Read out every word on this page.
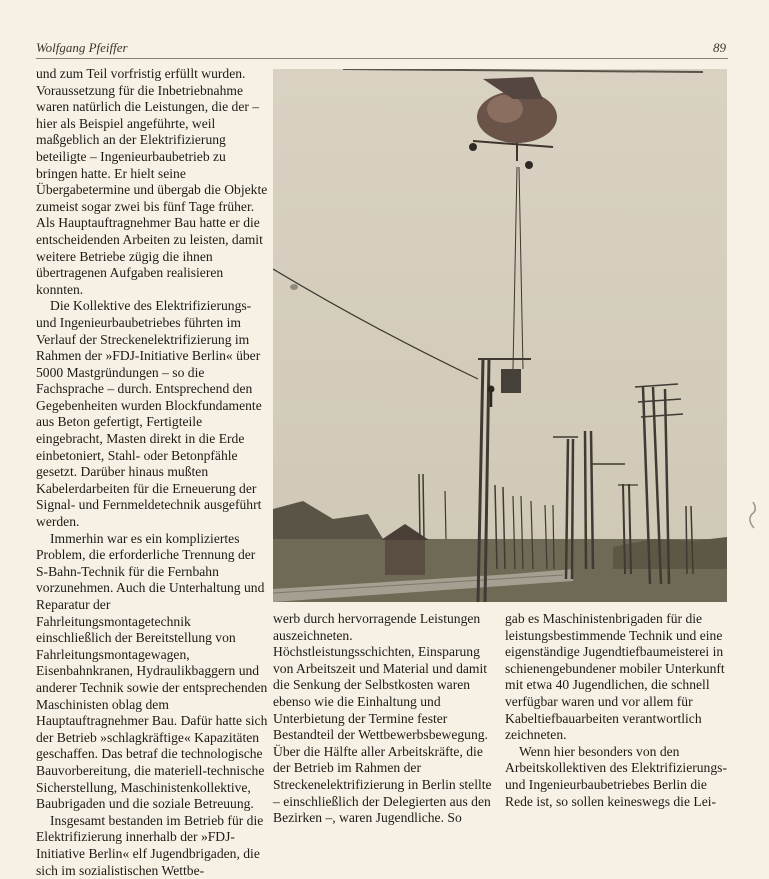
Wolfgang Pfeiffer	89

und zum Teil vorfristig erfüllt wurden. Voraussetzung für die Inbetriebnahme waren natürlich die Leistungen, die der – hier als Beispiel angeführte, weil maßgeblich an der Elektrifizierung beteiligte – Ingenieurbaubetrieb zu bringen hatte. Er hielt seine Übergabetermine und übergab die Objekte zumeist sogar zwei bis fünf Tage früher. Als Hauptauftragnehmer Bau hatte er die entscheidenden Arbeiten zu leisten, damit weitere Betriebe zügig die ihnen übertragenen Aufgaben realisieren konnten.

Die Kollektive des Elektrifizierungs- und Ingenieurbaubetriebes führten im Verlauf der Streckenelektrifizierung im Rahmen der »FDJ-Initiative Berlin« über 5000 Mastgründungen – so die Fachsprache – durch. Entsprechend den Gegebenheiten wurden Blockfundamente aus Beton gefertigt, Fertigteile eingebracht, Masten direkt in die Erde einbetoniert, Stahl- oder Betonpfähle gesetzt. Darüber hinaus mußten Kabelerdarbeiten für die Erneuerung der Signal- und Fernmeldetechnik ausgeführt werden.

Immerhin war es ein kompliziertes Problem, die erforderliche Trennung der S-Bahn-Technik für die Fernbahn vorzunehmen. Auch die Unterhaltung und Reparatur der Fahrleitungsmontagetechnik einschließlich der Bereitstellung von Fahrleitungsmontagewagen, Eisenbahnkranen, Hydraulikbaggern und anderer Technik sowie der entsprechenden Maschinisten oblag dem Hauptauftragnehmer Bau. Dafür hatte sich der Betrieb »schlagkräftige« Kapazitäten geschaffen. Das betraf die technologische Bauvorbereitung, die materiell-technische Sicherstellung, Maschinistenkollektive, Baubrigaden und die soziale Betreuung.

Insgesamt bestanden im Betrieb für die Elektrifizierung innerhalb der »FDJ-Initiative Berlin« elf Jugendbrigaden, die sich im sozialistischen Wettbe-

werb durch hervorragende Leistungen auszeichneten. Höchstleistungsschichten, Einsparung von Arbeitszeit und Material und damit die Senkung der Selbstkosten waren ebenso wie die Einhaltung und Unterbietung der Termine fester Bestandteil der Wettbewerbsbewegung. Über die Hälfte aller Arbeitskräfte, die der Betrieb im Rahmen der Streckenelektrifizierung in Berlin stellte – einschließlich der Delegierten aus den Bezirken –, waren Jugendliche. So

gab es Maschinistenbrigaden für die leistungsbestimmende Technik und eine eigenständige Jugendtiefbaumeisterei in schienengebundener mobiler Unterkunft mit etwa 40 Jugendlichen, die schnell verfügbar waren und vor allem für Kabeltiefbauarbeiten verantwortlich zeichneten.

Wenn hier besonders von den Arbeitskollektiven des Elektrifizierungs- und Ingenieurbaubetriebes Berlin die Rede ist, so sollen keineswegs die Lei-
